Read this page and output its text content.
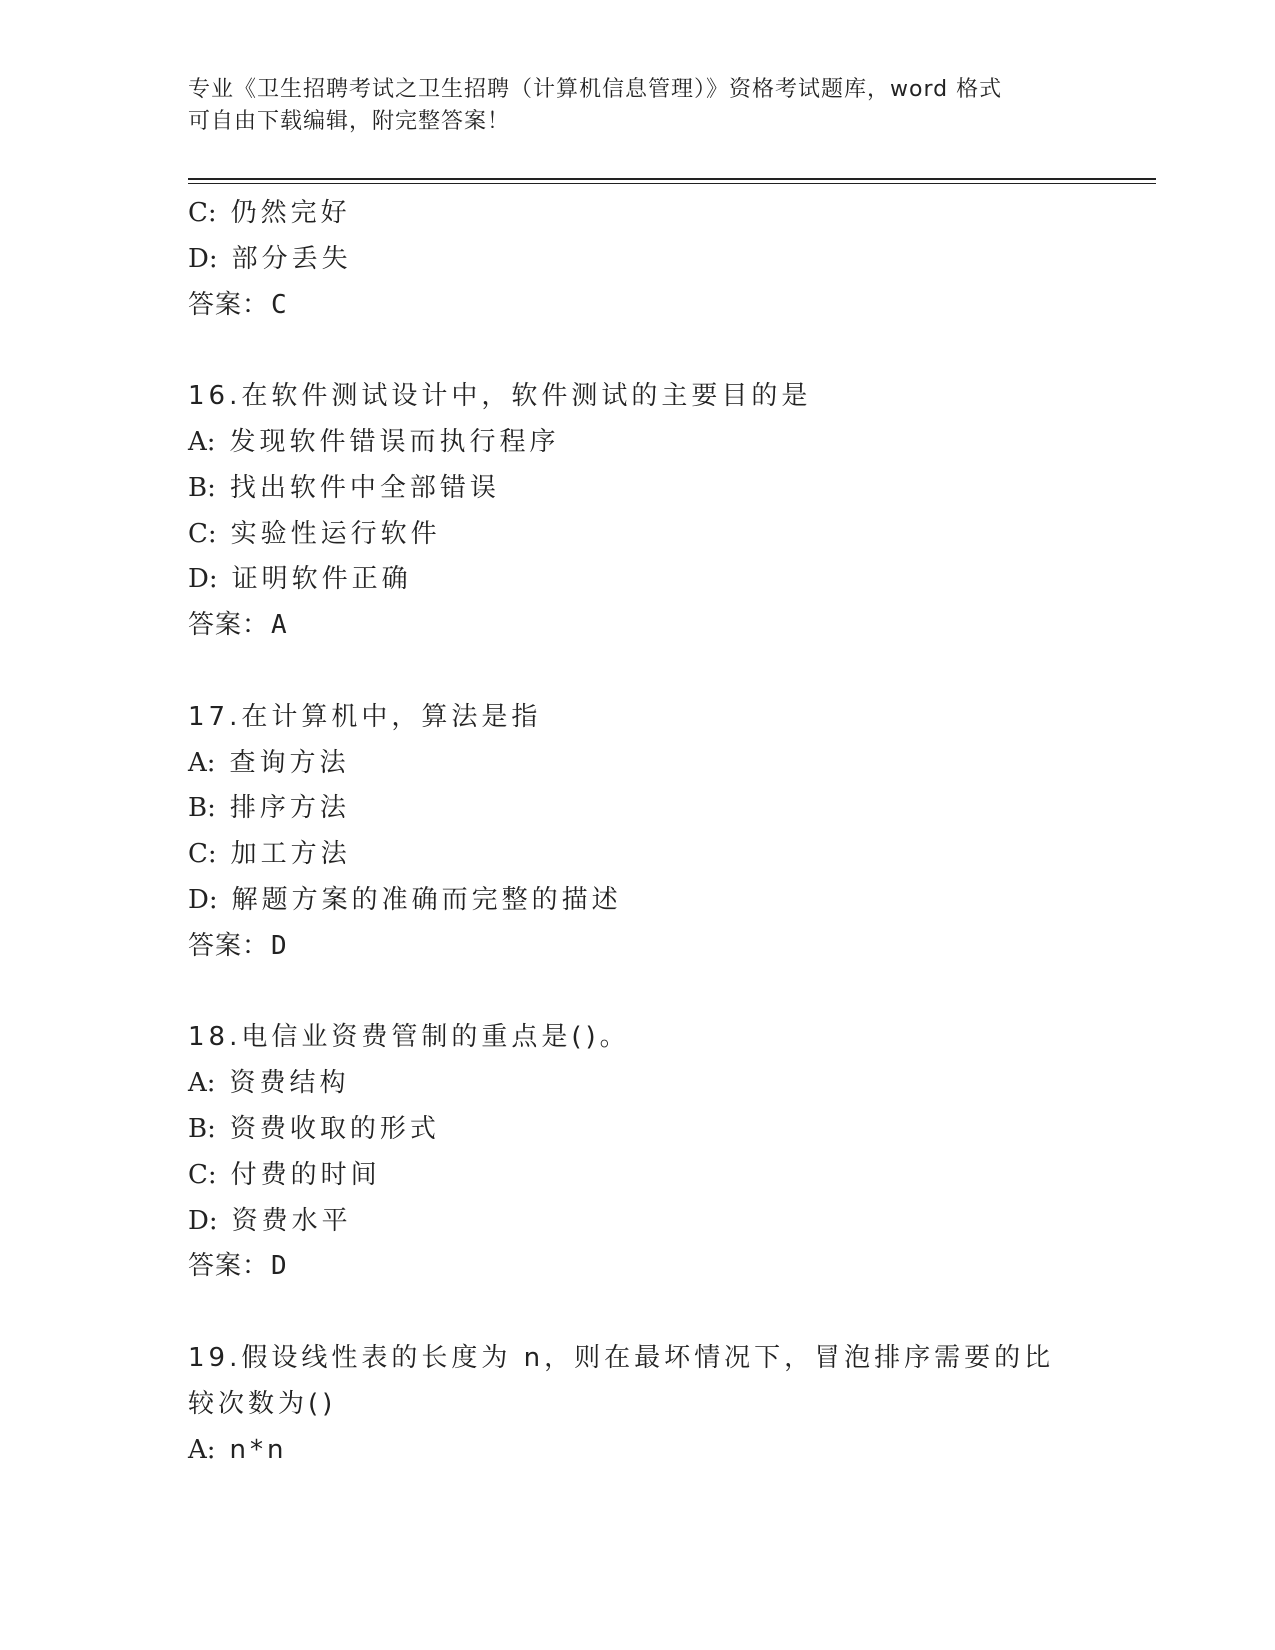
专业《卫生招聘考试之卫生招聘（计算机信息管理）》资格考试题库，word 格式
可自由下载编辑，附完整答案！
C: 仍然完好
D: 部分丢失
答案：C
16.在软件测试设计中，软件测试的主要目的是
A: 发现软件错误而执行程序
B: 找出软件中全部错误
C: 实验性运行软件
D: 证明软件正确
答案：A
17.在计算机中，算法是指
A: 查询方法
B: 排序方法
C: 加工方法
D: 解题方案的准确而完整的描述
答案：D
18.电信业资费管制的重点是()。
A: 资费结构
B: 资费收取的形式
C: 付费的时间
D: 资费水平
答案：D
19.假设线性表的长度为 n，则在最坏情况下，冒泡排序需要的比较次数为()
A: n*n
